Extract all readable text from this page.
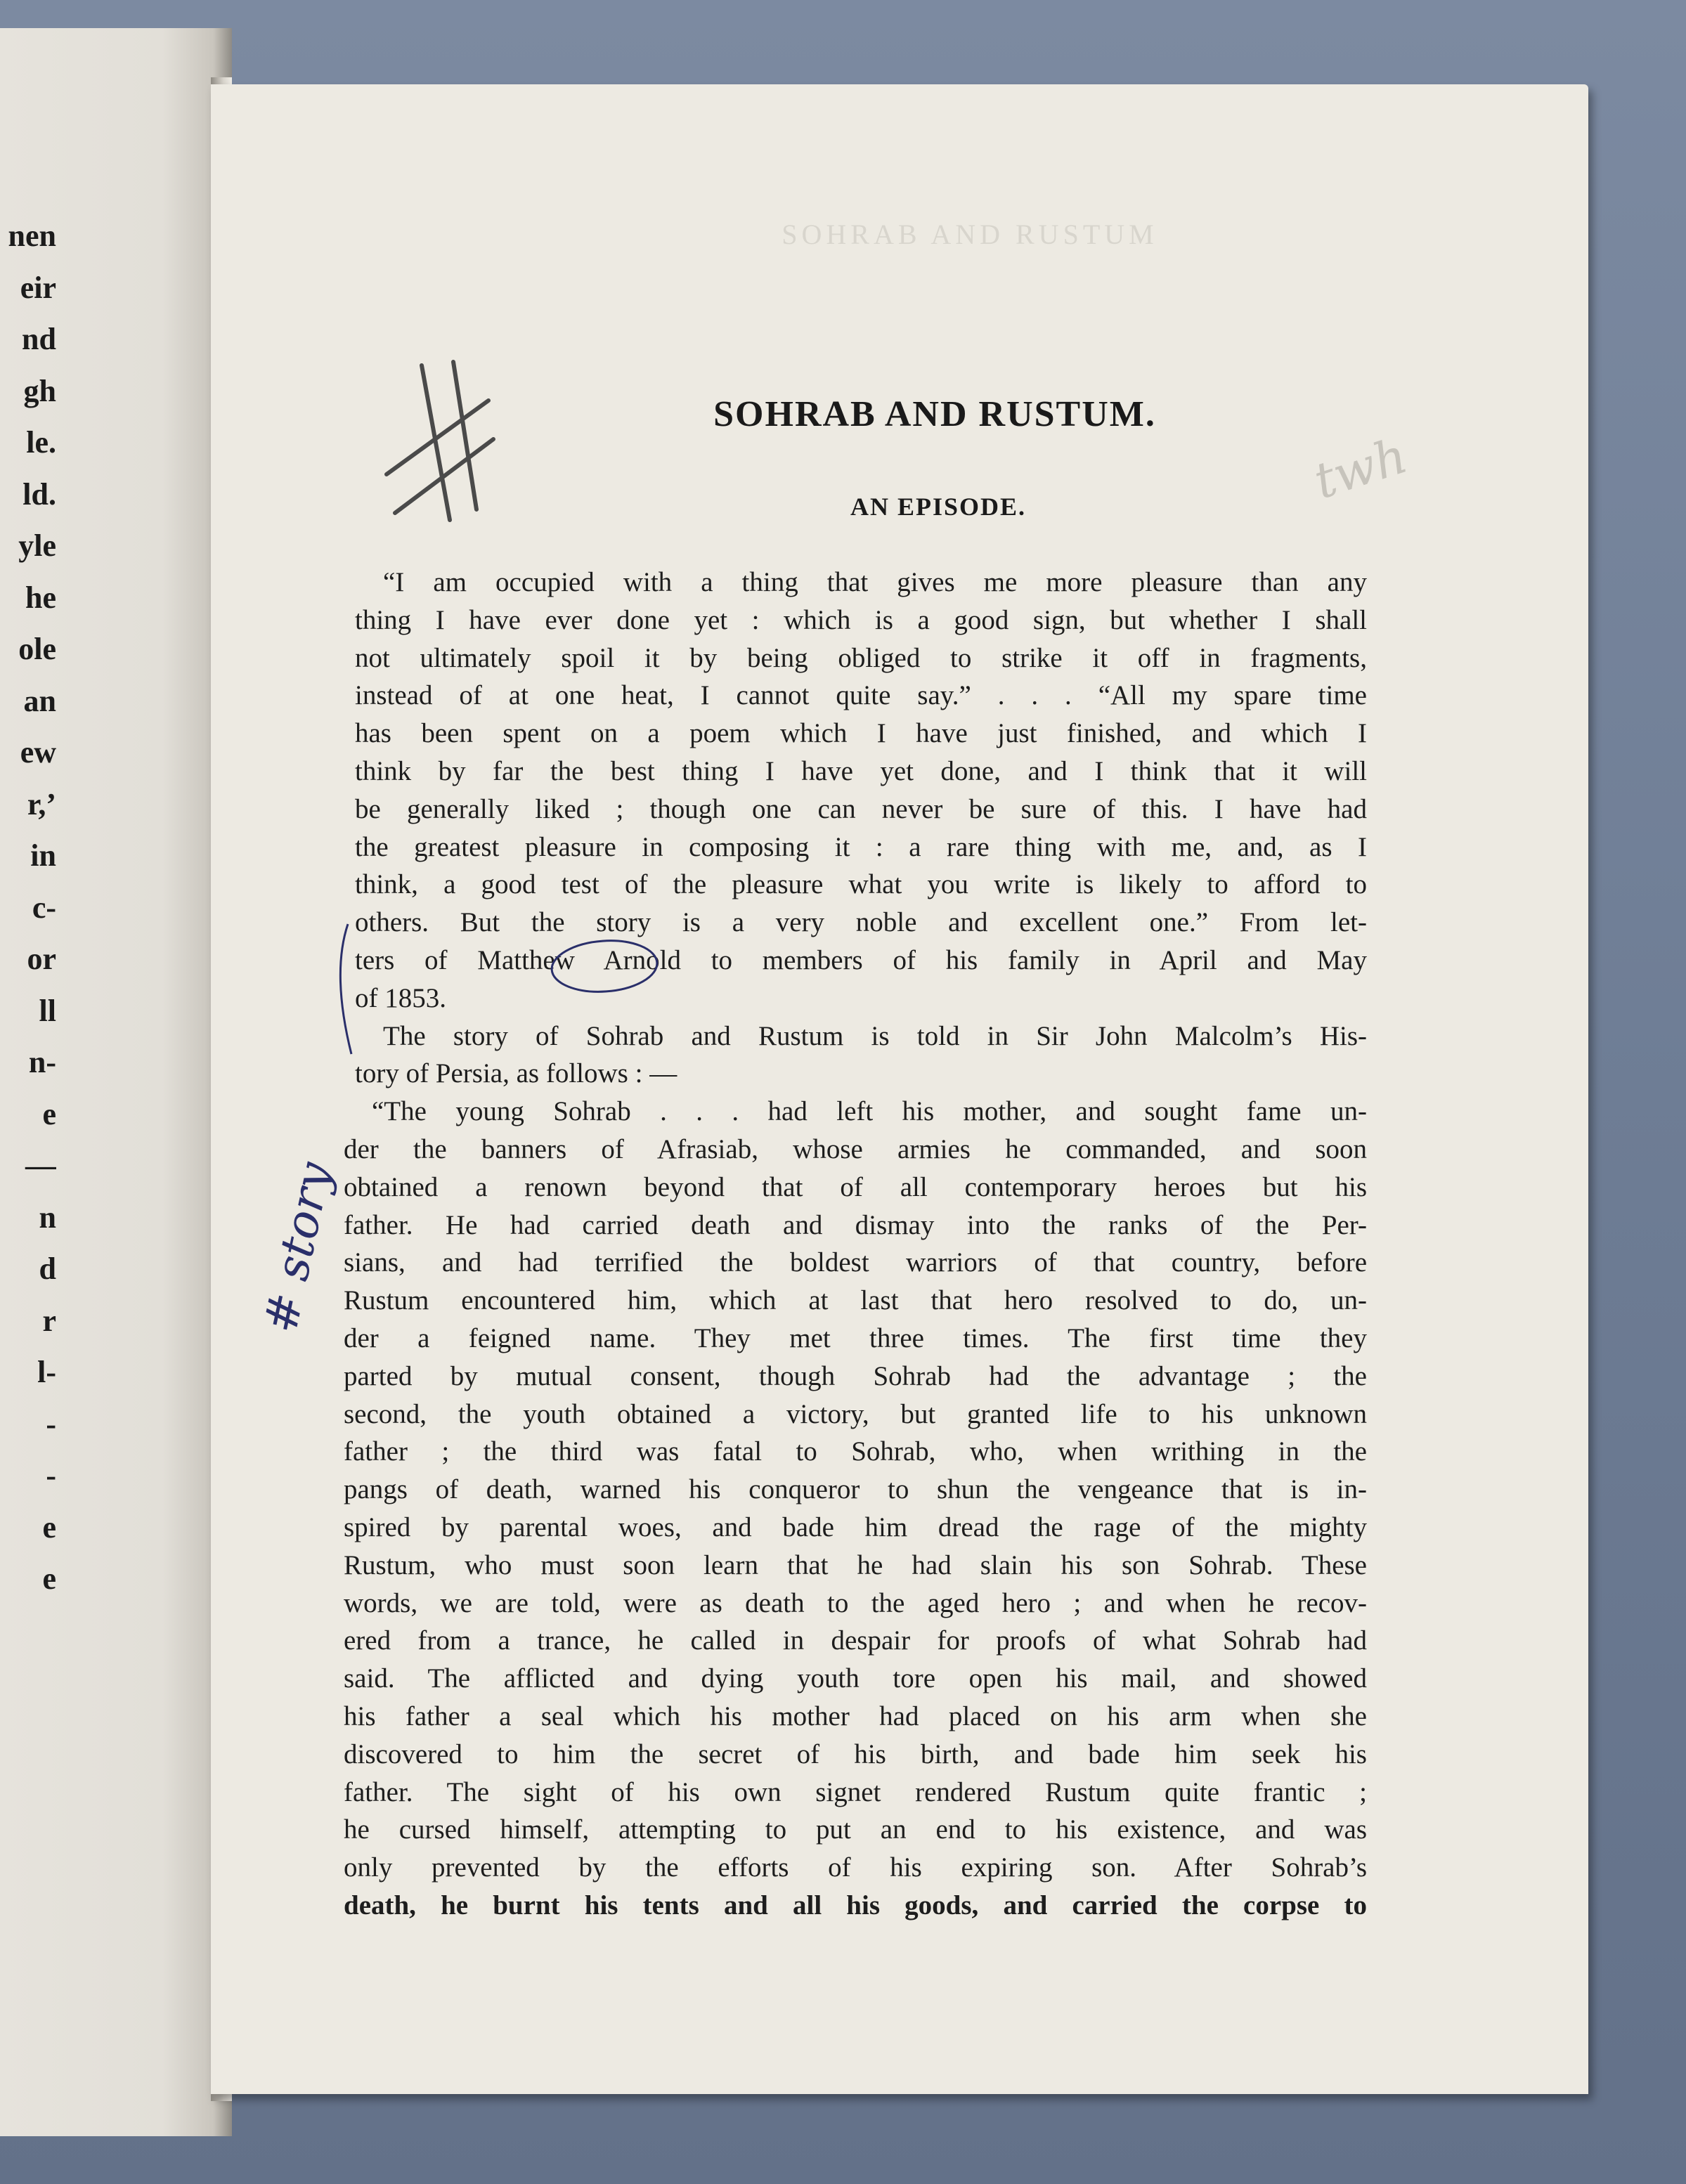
nen
eir
nd
gh
le.
ld.
yle
he
ole
an
ew
r,’
in
c-
or
ll
n-
e
—
n
d
r
l-
-
-
e
e
SOHRAB AND RUSTUM
SOHRAB AND RUSTUM.
AN EPISODE.
“I am occupied with a thing that gives me more pleasure than any
thing I have ever done yet : which is a good sign, but whether I shall
not ultimately spoil it by being obliged to strike it off in fragments,
instead of at one heat, I cannot quite say.” . . . “All my spare time
has been spent on a poem which I have just finished, and which I
think by far the best thing I have yet done, and I think that it will
be generally liked ; though one can never be sure of this. I have had
the greatest pleasure in composing it : a rare thing with me, and, as I
think, a good test of the pleasure what you write is likely to afford to
others. But the story is a very noble and excellent one.” From let-
ters of Matthew Arnold to members of his family in April and May
of 1853.
The story of Sohrab and Rustum is told in Sir John Malcolm’s His-
tory of Persia, as follows : —
“The young Sohrab . . . had left his mother, and sought fame un-
der the banners of Afrasiab, whose armies he commanded, and soon
obtained a renown beyond that of all contemporary heroes but his
father. He had carried death and dismay into the ranks of the Per-
sians, and had terrified the boldest warriors of that country, before
Rustum encountered him, which at last that hero resolved to do, un-
der a feigned name. They met three times. The first time they
parted by mutual consent, though Sohrab had the advantage ; the
second, the youth obtained a victory, but granted life to his unknown
father ; the third was fatal to Sohrab, who, when writhing in the
pangs of death, warned his conqueror to shun the vengeance that is in-
spired by parental woes, and bade him dread the rage of the mighty
Rustum, who must soon learn that he had slain his son Sohrab. These
words, we are told, were as death to the aged hero ; and when he recov-
ered from a trance, he called in despair for proofs of what Sohrab had
said. The afflicted and dying youth tore open his mail, and showed
his father a seal which his mother had placed on his arm when she
discovered to him the secret of his birth, and bade him seek his
father. The sight of his own signet rendered Rustum quite frantic ;
he cursed himself, attempting to put an end to his existence, and was
only prevented by the efforts of his expiring son. After Sohrab’s
death, he burnt his tents and all his goods, and carried the corpse to
twh
# story
